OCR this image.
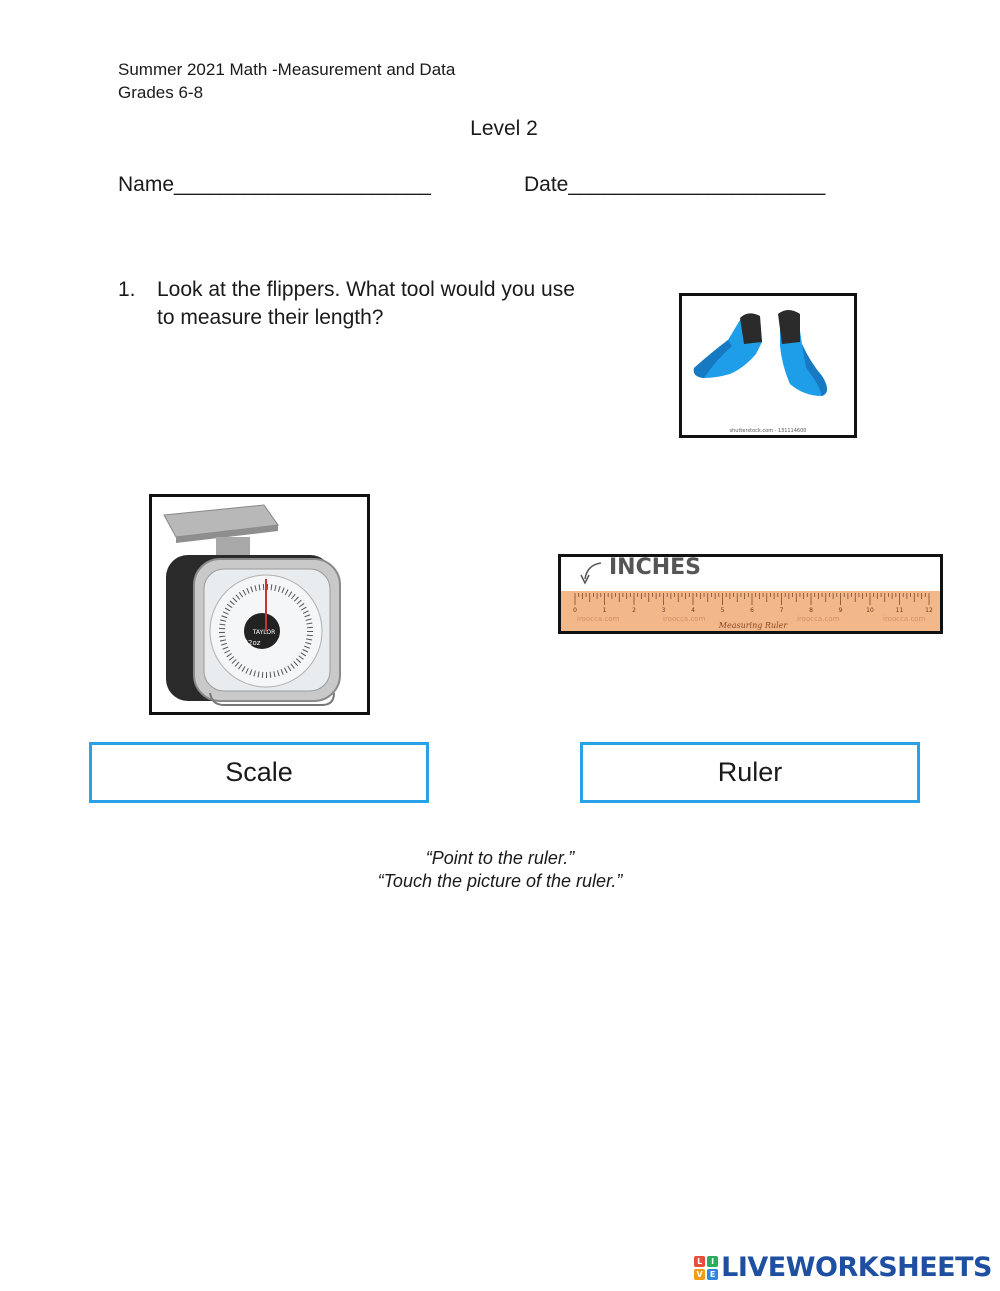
Summer 2021 Math -Measurement and Data
Grades 6-8
Level 2
Name______________________	Date______________________
1. Look at the flippers. What tool would you use
to measure their length?
shutterstock.com · 131114600
TAYLOR
32oz
0	1	2	3	4	5	6	7	8	9	10	11	12
iroocca.com	iroocca.com	iroocca.com	iroocca.com
Measuring Ruler
INCHES
Scale	Ruler
“Point to the ruler.”
“Touch the picture of the ruler.”
L	I
V E LIVEWORKSHEETS
